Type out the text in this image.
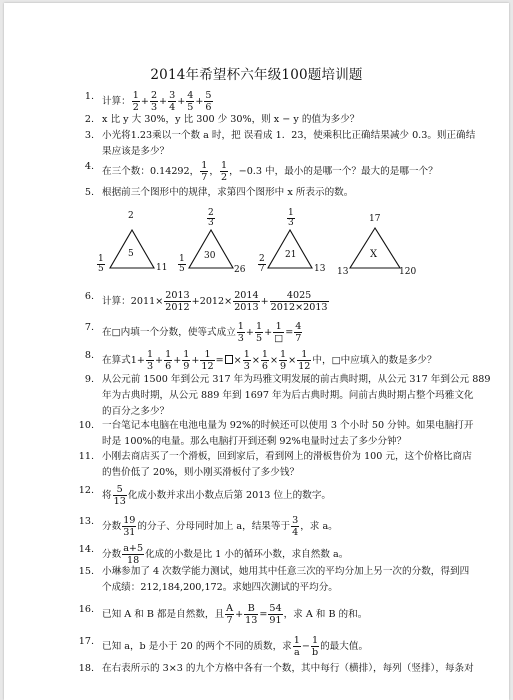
2014年希望杯六年级100题培训题
1. 计算： $\frac{1}{2} + \frac{2}{3} + \frac{3}{4} + \frac{4}{5} + \frac{5}{6}$
2. x 比 y 大 30%，y 比 300 少 30%，则 x − y 的值为多少？
3. 小光将1.23乘以一个数 a 时，把 误看成 1．23，使乘积比正确结果减少 0.3。则正确结
果应该是多少？
4. 在三个数：0.14292， $\frac{1}{7}$ ， $\frac{1}{2}$ ，−0.3 中，最小的是哪一个？最大的是哪一个？
5. 根据前三个图形中的规律，求第四个图形中 x 所表示的数。
2
1
5	11
5
2
3
1
5	26
30
1
3
2
7	13
21
17
13	120
X
6. 计算：$2011\times \frac{2013}{2012} +2012\times \frac{2014}{2013} + \frac{4025}{2012\times 2013}$
7. 在□内填一个分数，使等式成立 $\frac{1}{3} + \frac{1}{5} + \frac{1}{□} = \frac{4}{7}$
8. 在算式$1+ \frac{1}{3} + \frac{1}{6} + \frac{1}{9} + \frac{1}{12}$ = × $\frac{1}{3} \times \frac{1}{6} \times \frac{1}{9} \times \frac{1}{12}$ 中，□中应填入的数是多少？
9. 从公元前 1500 年到公元 317 年为玛雅文明发展的前古典时期，从公元 317 年到公元 889
年为古典时期，从公元 889 年到 1697 年为后古典时期。问前古典时期占整个玛雅文化
的百分之多少？
10. 一台笔记本电脑在电池电量为 92%的时候还可以使用 3 个小时 50 分钟。如果电脑打开
时是 100%的电量。那么电脑打开到还剩 92%电量时过去了多少分钟？
11. 小刚去商店买了一个滑板，回到家后，看到网上的滑板售价为 100 元，这个价格比商店
的售价低了 20%，则小刚买滑板付了多少钱？
12. 将 $\frac{5}{13}$ 化成小数并求出小数点后第 2013 位上的数字。
13. 分数 $\frac{19}{31}$ 的分子、分母同时加上 a，结果等于 $\frac{3}{4}$ ，求 a。
14. 分数 $\frac{a+5}{18}$ 化成的小数是比 1 小的循环小数，求自然数 a。
15. 小琳参加了 4 次数学能力测试，她用其中任意三次的平均分加上另一次的分数，得到四
个成绩：212,184,200,172。求她四次测试的平均分。
16. 已知 A 和 B 都是自然数，且 $\frac{A}{7} + \frac{B}{13} = \frac{54}{91}$ ，求 A 和 B 的和。
17. 已知 a，b 是小于 20 的两个不同的质数，求 $\frac{1}{a} - \frac{1}{b}$ 的最大值。
18. 在右表所示的 3×3 的九个方格中各有一个数，其中每行（横排），每列（竖排），每条对
